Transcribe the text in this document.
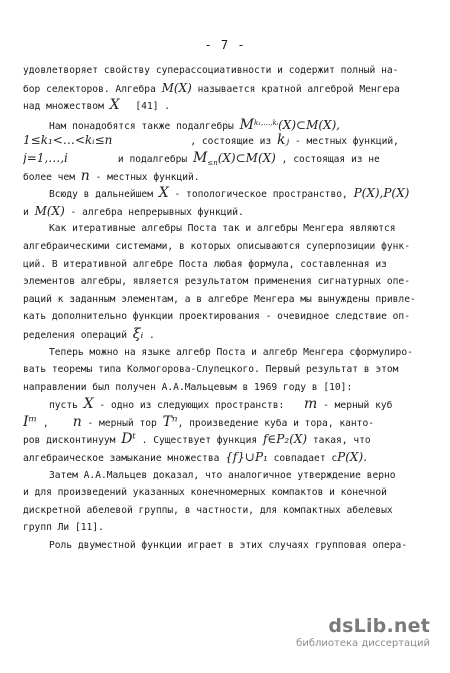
- 7 -
удовлетворяет свойству суперассоциативности и содержит полный на-
бор селекторов. Алгебра M(X) называется кратной алгеброй Менгера
над множеством X [41] .
Нам понадобятся также подалгебры $M^{k_1,\dots,kᵢ}(X)\subset M(X)$,
1≤k₁<…<kᵢ≤n	, состоящие из kⱼ - местных функций,
j=1,…,i	и подалгебры $M_{\le n}(X)\subset M(X)$ , состоящая из не
более чем n - местных функций.
Всюду в дальнейшем X - топологическое пространство, P(X),P(X)
и M(X) - алгебра непрерывных функций.
Как итеративные алгебры Поста так и алгебры Менгера являются
алгебраическими системами, в которых описываются суперпозиции функ-
ций. В итеративной алгебре Поста любая формула, составленная из
элементов алгебры, является результатом применения сигнатурных опе-
раций к заданным элементам, а в алгебре Менгера мы вынуждены привле-
кать дополнительно функции проектирования - очевидное следствие оп-
ределения операций ξᵢ .
Теперь можно на языке алгебр Поста и алгебр Менгера сформулиро-
вать теоремы типа Колмогорова-Слупецкого. Первый результат в этом
направлении был получен А.А.Мальцевым в 1969 году в [10]:
пусть X - одно из следующих пространств: m - мерный куб
Iᵐ , n - мерный тор Tⁿ, произведение куба и тора, канто-
ров дисконтинуум Dᵗ . Существует функция f∈P₂(X) такая, что
алгебраическое замыкание множества {f}∪P₁ совпадает сP(X).
Затем А.А.Мальцев доказал, что аналогичное утверждение верно
и для произведений указанных конечномерных компактов и конечной
дискретной абелевой группы, в частности, для компактных абелевых
групп Ли [11].
Роль двуместной функции играет в этих случаях групповая опера-
dsLib.net
библиотека диссертаций
